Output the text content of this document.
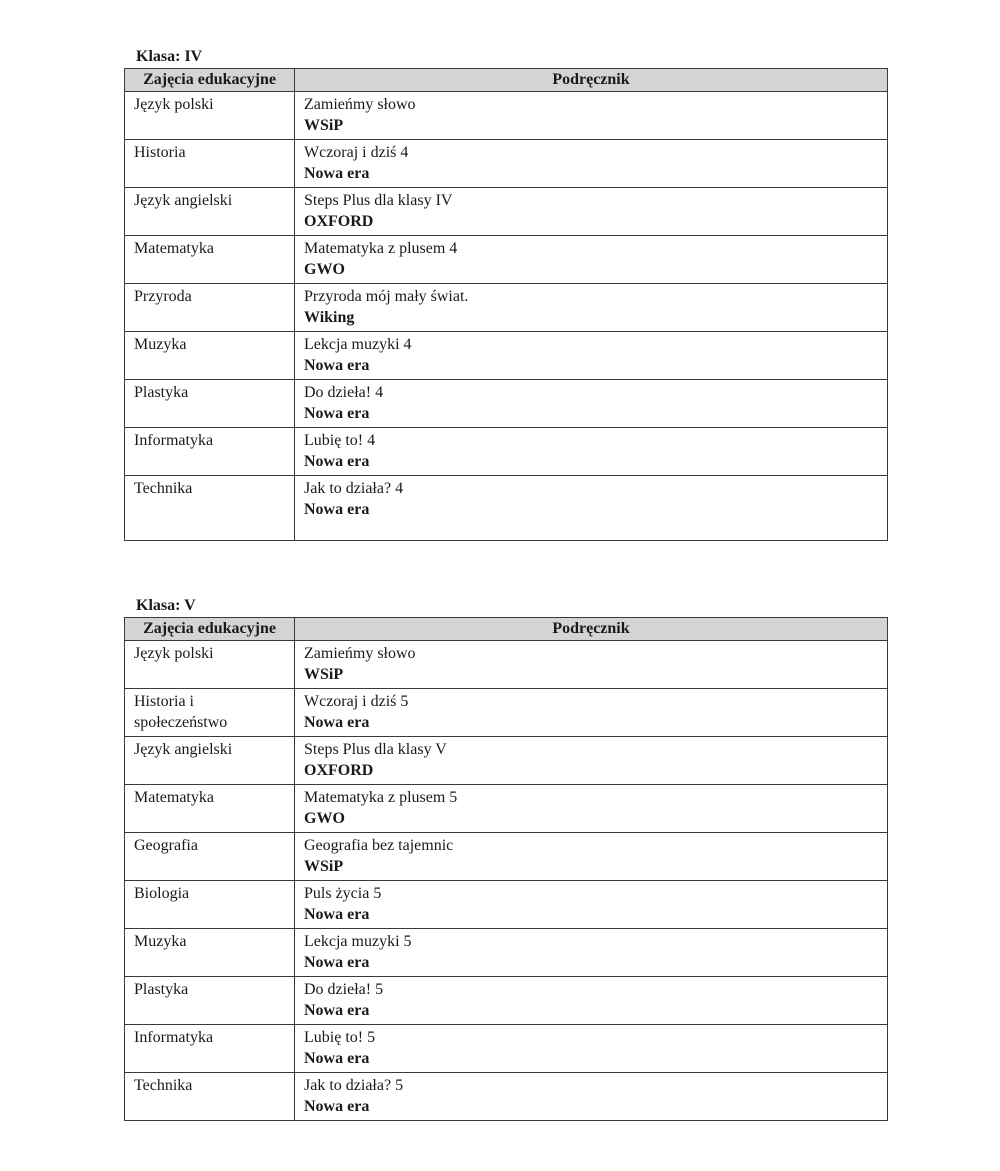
Klasa: IV
Zajęcia edukacyjne	Podręcznik
Język polski	Zamieńmy słowo
WSiP

Historia	Wczoraj i dziś 4
Nowa era

Język angielski	Steps Plus dla klasy IV
OXFORD

Matematyka	Matematyka z plusem 4
GWO

Przyroda	Przyroda mój mały świat.
Wiking

Muzyka	Lekcja muzyki 4
Nowa era

Plastyka	Do dzieła! 4
Nowa era

Informatyka	Lubię to! 4
Nowa era

Technika	Jak to działa? 4
Nowa era
Klasa: V
Zajęcia edukacyjne	Podręcznik
Język polski	Zamieńmy słowo
WSiP

Historia i społeczeństwo	Wczoraj i dziś 5
Nowa era

Język angielski	Steps Plus dla klasy V
OXFORD

Matematyka	Matematyka z plusem 5
GWO

Geografia	Geografia bez tajemnic
WSiP

Biologia	Puls życia 5
Nowa era

Muzyka	Lekcja muzyki 5
Nowa era

Plastyka	Do dzieła! 5
Nowa era

Informatyka	Lubię to! 5
Nowa era

Technika	Jak to działa? 5
Nowa era
